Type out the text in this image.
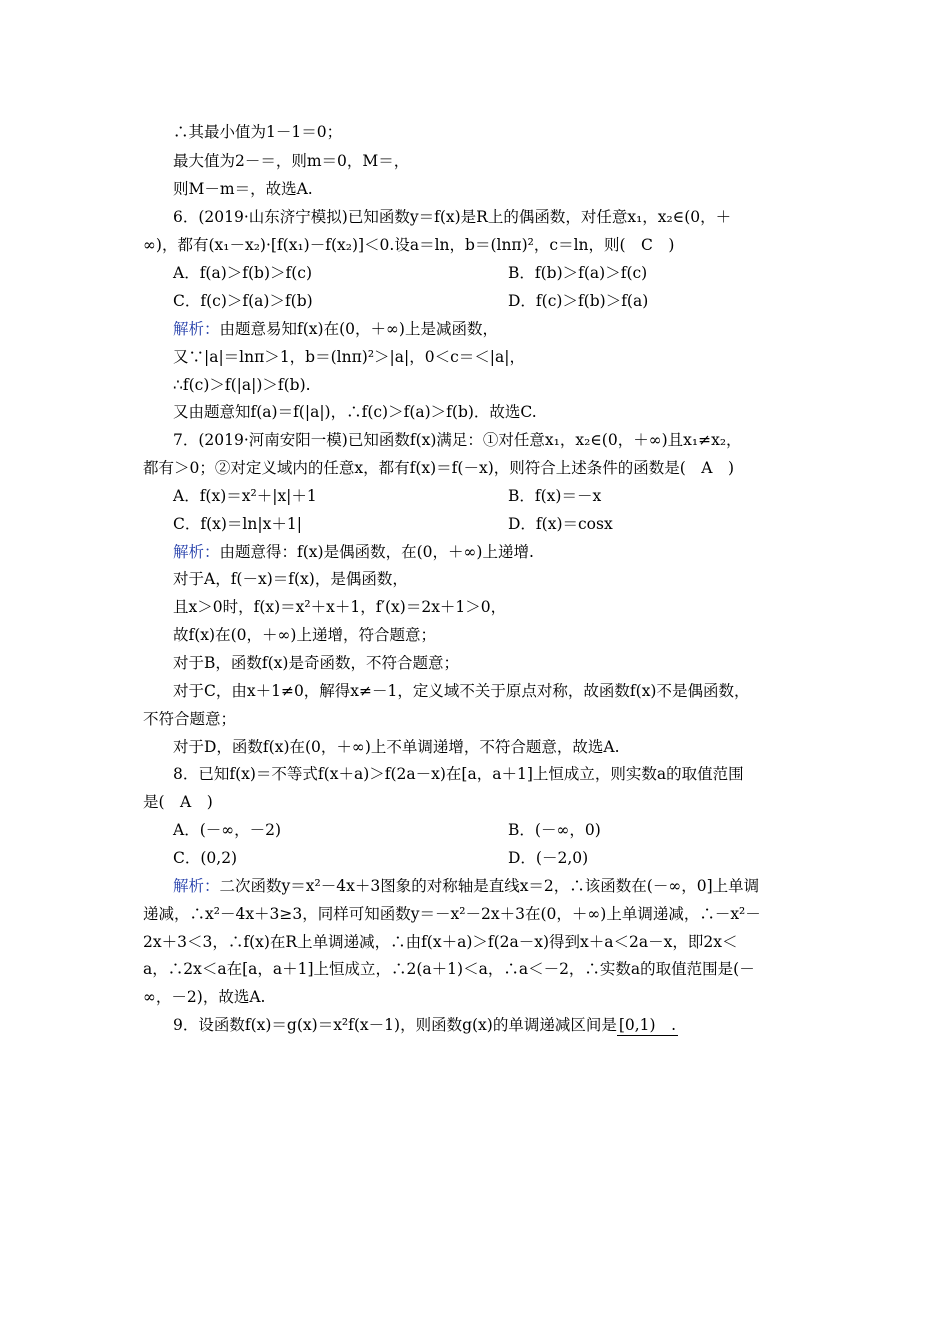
∴其最小值为1－1＝0；
最大值为2－＝，则m＝0，M＝，
则M－m＝，故选A.
6．(2019·山东济宁模拟)已知函数y＝f(x)是R上的偶函数，对任意x₁，x₂∈(0，＋
∞)，都有(x₁－x₂)·[f(x₁)－f(x₂)]＜0.设a＝ln，b＝(lnπ)²，c＝ln，则(　C　)
A．f(a)＞f(b)＞f(c)	B．f(b)＞f(a)＞f(c)
C．f(c)＞f(a)＞f(b)	D．f(c)＞f(b)＞f(a)
解析：由题意易知f(x)在(0，＋∞)上是减函数，
又∵|a|＝lnπ＞1，b＝(lnπ)²＞|a|，0＜c＝＜|a|，
∴f(c)＞f(|a|)＞f(b).
又由题意知f(a)＝f(|a|)，∴f(c)＞f(a)＞f(b)．故选C.
7．(2019·河南安阳一模)已知函数f(x)满足：①对任意x₁，x₂∈(0，＋∞)且x₁≠x₂，
都有＞0；②对定义域内的任意x，都有f(x)＝f(－x)，则符合上述条件的函数是(　A　)
A．f(x)＝x²＋|x|＋1	B．f(x)＝－x
C．f(x)＝ln|x＋1|	D．f(x)＝cosx
解析：由题意得：f(x)是偶函数，在(0，＋∞)上递增.
对于A，f(－x)＝f(x)，是偶函数，
且x＞0时，f(x)＝x²＋x＋1，f′(x)＝2x＋1＞0，
故f(x)在(0，＋∞)上递增，符合题意；
对于B，函数f(x)是奇函数，不符合题意；
对于C，由x＋1≠0，解得x≠－1，定义域不关于原点对称，故函数f(x)不是偶函数，
不符合题意；
对于D，函数f(x)在(0，＋∞)上不单调递增，不符合题意，故选A.
8．已知f(x)＝不等式f(x＋a)＞f(2a－x)在[a，a＋1]上恒成立，则实数a的取值范围
是(　A　)
A．(－∞，－2)	B．(－∞，0)
C．(0,2)	D．(－2,0)
解析：二次函数y＝x²－4x＋3图象的对称轴是直线x＝2，∴该函数在(－∞，0]上单调
递减，∴x²－4x＋3≥3，同样可知函数y＝－x²－2x＋3在(0，＋∞)上单调递减，∴－x²－
2x＋3＜3，∴f(x)在R上单调递减，∴由f(x＋a)＞f(2a－x)得到x＋a＜2a－x，即2x＜
a，∴2x＜a在[a，a＋1]上恒成立，∴2(a＋1)＜a，∴a＜－2，∴实数a的取值范围是(－
∞，－2)，故选A.
9．设函数f(x)＝g(x)＝x²f(x－1)，则函数g(x)的单调递减区间是 [0,1)　.
